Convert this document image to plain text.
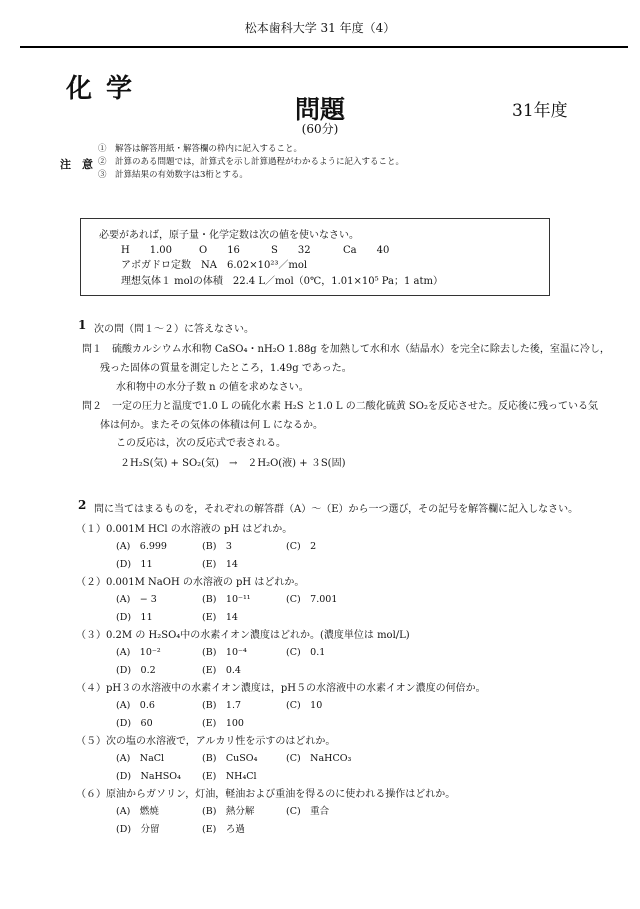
松本歯科大学 31 年度（4）
化学
問題
(60分)
31年度
注　意
①　解答は解答用紙・解答欄の枠内に記入すること。
②　計算のある問題では，計算式を示し計算過程がわかるように記入すること。
③　計算結果の有効数字は3桁とする。
必要があれば，原子量・化学定数は次の値を使いなさい。
H　　1.00	O　　16	S　　32	Ca　　40
アボガドロ定数　NA　6.02×10²³／mol
理想気体１ molの体積　22.4 L／mol（0℃，1.01×10⁵ Pa；1 atm）
1 次の問（問１～２）に答えなさい。
問１　硫酸カルシウム水和物 CaSO₄・nH₂O 1.88g を加熱して水和水（結晶水）を完全に除去した後，室温に冷し，
残った固体の質量を測定したところ，1.49g であった。
水和物中の水分子数 n の値を求めなさい。
問２　一定の圧力と温度で1.0 L の硫化水素 H₂S と1.0 L の二酸化硫黄 SO₂を反応させた。反応後に残っている気
体は何か。またその気体の体積は何 L になるか。
この反応は，次の反応式で表される。
２H₂S(気) + SO₂(気)　→　２H₂O(液) + ３S(固)
2 問に当てはまるものを，それぞれの解答群（A）～（E）から一つ選び，その記号を解答欄に記入しなさい。
（１）0.001M HCl の水溶液の pH はどれか。
(A)　6.999	(B)　3	(C)　2
(D)　11	(E)　14
（２）0.001M NaOH の水溶液の pH はどれか。
(A)　− 3	(B)　10⁻¹¹	(C)　7.001
(D)　11	(E)　14
（３）0.2M の H₂SO₄中の水素イオン濃度はどれか。(濃度単位は mol/L)
(A)　10⁻²	(B)　10⁻⁴	(C)　0.1
(D)　0.2	(E)　0.4
（４）pH３の水溶液中の水素イオン濃度は，pH５の水溶液中の水素イオン濃度の何倍か。
(A)　0.6	(B)　1.7	(C)　10
(D)　60	(E)　100
（５）次の塩の水溶液で，アルカリ性を示すのはどれか。
(A)　NaCl	(B)　CuSO₄	(C)　NaHCO₃
(D)　NaHSO₄ (E)　NH₄Cl
（６）原油からガソリン，灯油，軽油および重油を得るのに使われる操作はどれか。
(A)　燃焼	(B)　熱分解	(C)　重合
(D)　分留	(E)　ろ過
